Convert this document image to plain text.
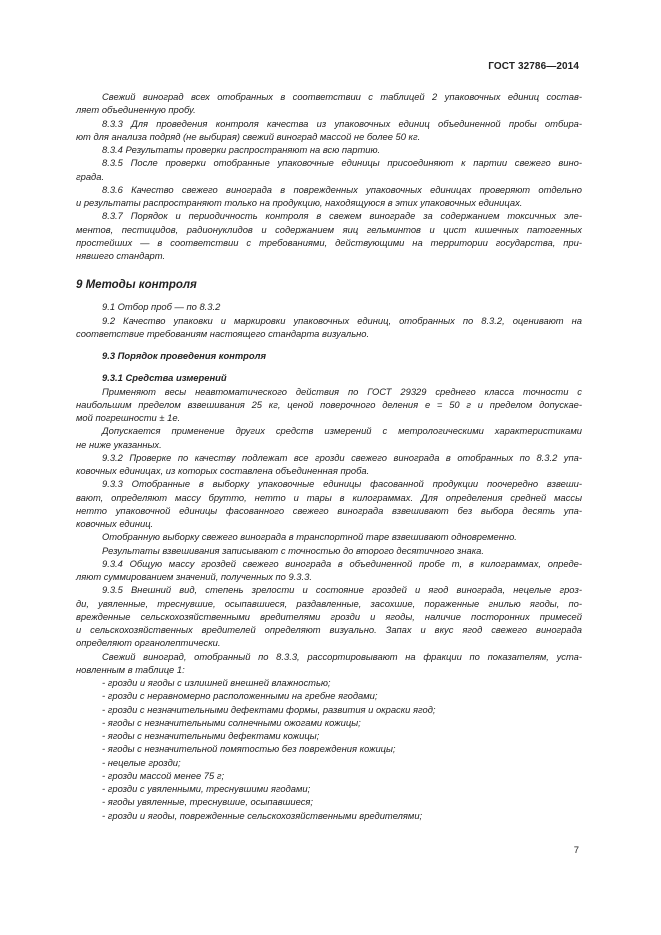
ГОСТ 32786—2014

Свежий виноград всех отобранных в соответствии с таблицей 2 упаковочных единиц состав-

ляет объединенную пробу.

8.3.3 Для проведения контроля качества из упаковочных единиц объединенной пробы отбира-

ют для анализа подряд (не выбирая) свежий виноград массой не более 50 кг.

8.3.4 Результаты проверки распространяют на всю партию.

8.3.5 После проверки отобранные упаковочные единицы присоединяют к партии свежего вино-

града.

8.3.6 Качество свежего винограда в поврежденных упаковочных единицах проверяют отдельно

и результаты распространяют только на продукцию, находящуюся в этих упаковочных единицах.

8.3.7 Порядок и периодичность контроля в свежем винограде за содержанием токсичных эле-

ментов, пестицидов, радионуклидов и содержанием яиц гельминтов и цист кишечных патогенных

простейших — в соответствии с требованиями, действующими на территории государства, при-

нявшего стандарт.

9 Методы контроля

9.1 Отбор проб — по 8.3.2

9.2 Качество упаковки и маркировки упаковочных единиц, отобранных по 8.3.2, оценивают на

соответствие требованиям настоящего стандарта визуально.

9.3 Порядок проведения контроля

9.3.1 Средства измерений

Применяют весы неавтоматического действия по ГОСТ 29329 среднего класса точности с

наибольшим пределом взвешивания 25 кг, ценой поверочного деления e = 50 г и пределом допускае-

мой погрешности ± 1e.

Допускается применение других средств измерений с метрологическими характеристиками

не ниже указанных.

9.3.2 Проверке по качеству подлежат все грозди свежего винограда в отобранных по 8.3.2 упа-

ковочных единицах, из которых составлена объединенная проба.

9.3.3 Отобранные в выборку упаковочные единицы фасованной продукции поочередно взвеши-

вают, определяют массу брутто, нетто и тары в килограммах. Для определения средней массы

нетто упаковочной единицы фасованного свежего винограда взвешивают без выбора десять упа-

ковочных единиц.

Отобранную выборку свежего винограда в транспортной таре взвешивают одновременно.

Результаты взвешивания записывают с точностью до второго десятичного знака.

9.3.4 Общую массу гроздей свежего винограда в объединенной пробе m, в килограммах, опреде-

ляют суммированием значений, полученных по 9.3.3.

9.3.5 Внешний вид, степень зрелости и состояние гроздей и ягод винограда, нецелые грoз-

ди, увяленные, треснувшие, осыпавшиеся, раздавленные, засохшие, пораженные гнилью ягоды, по-

врежденные сельскохозяйственными вредителями грозди и ягоды, наличие посторонних примесей

и сельскохозяйственных вредителей определяют визуально. Запах и вкус ягод свежего винограда

определяют органолептически.

Свежий виноград, отобранный по 8.3.3, рассортировывают на фракции по показателям, уста-

новленным в таблице 1:

- грозди и ягоды с излишней внешней влажностью;

- грозди с неравномерно расположенными на гребне ягодами;

- грозди с незначительными дефектами формы, развития и окраски ягод;

- ягоды с незначительными солнечными ожогами кожицы;

- ягоды с незначительными дефектами кожицы;

- ягоды с незначительной помятостью без повреждения кожицы;

- нецелые грозди;

- грозди массой менее 75 г;

- грозди с увяленными, треснувшими ягодами;

- ягоды увяленные, треснувшие, осыпавшиеся;

- грозди и ягоды, поврежденные сельскохозяйственными вредителями;

7
